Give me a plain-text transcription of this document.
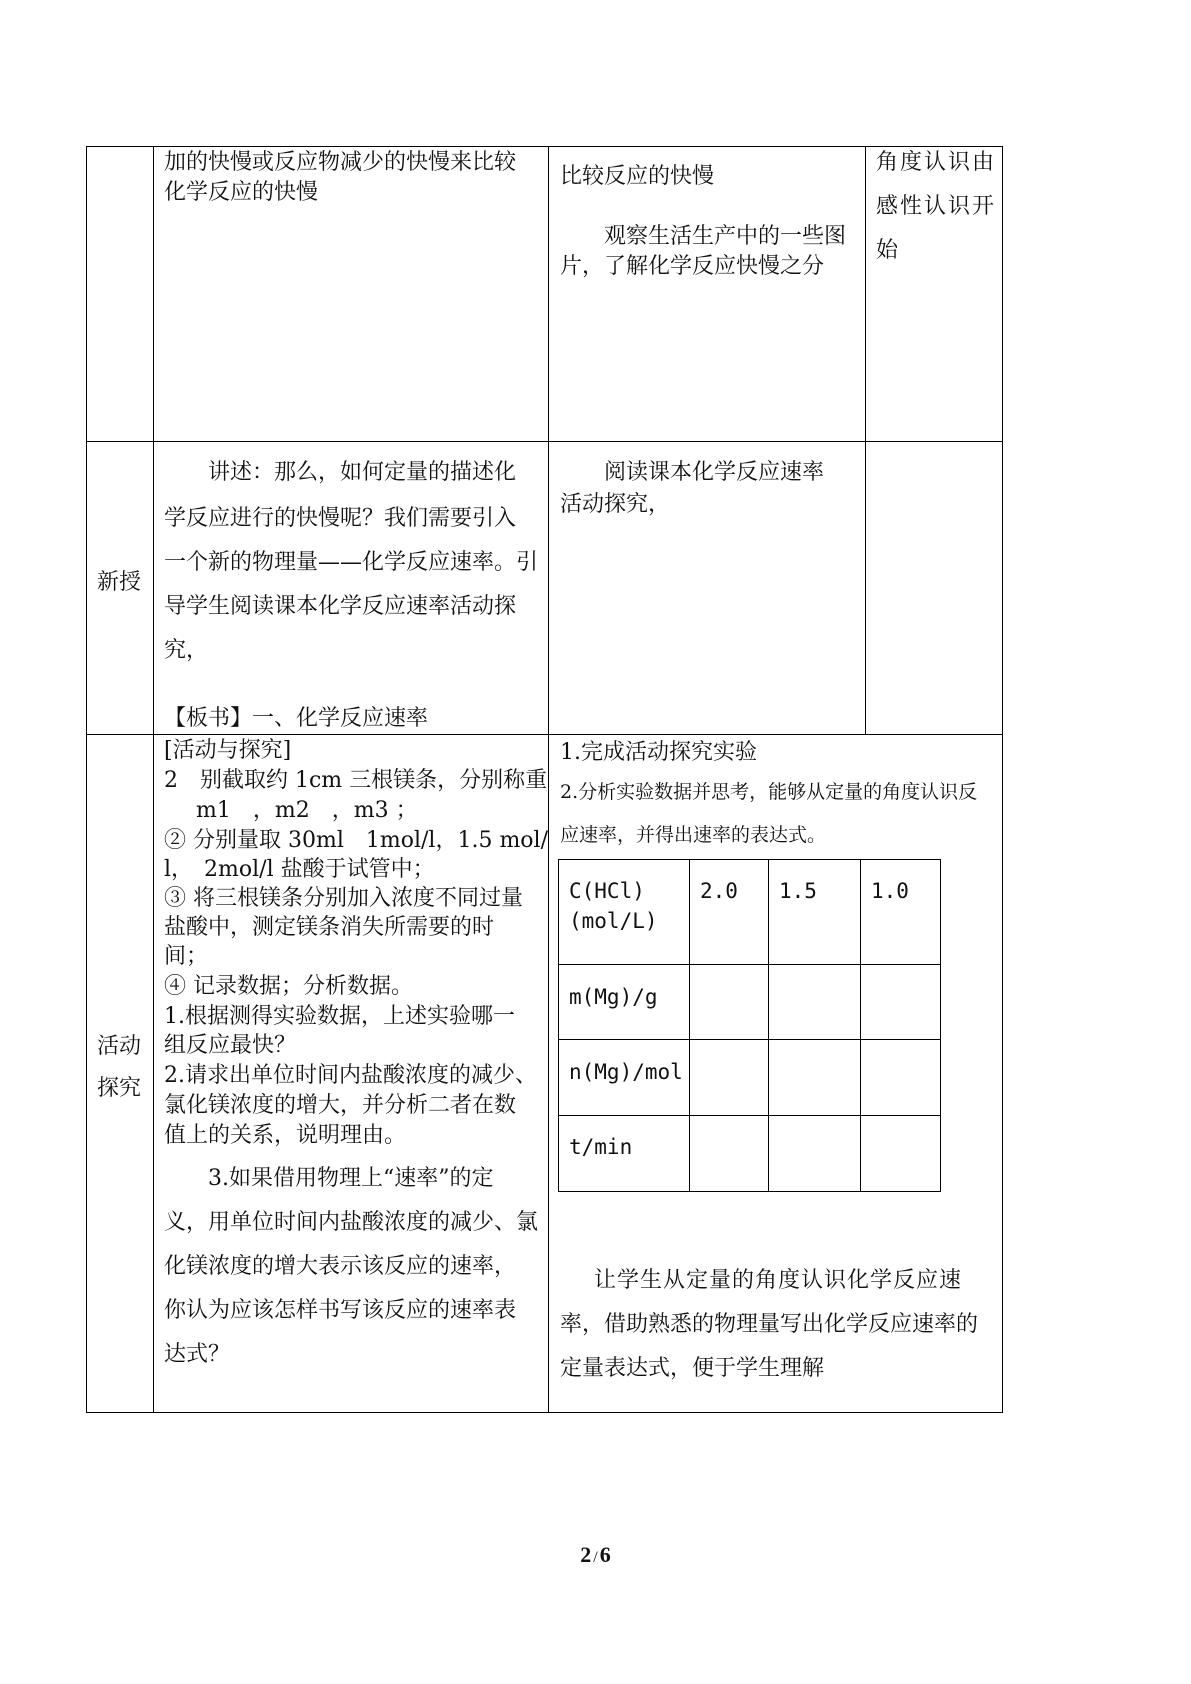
加的快慢或反应物减少的快慢来比较
化学反应的快慢
比较反应的快慢
观察生活生产中的一些图
片，了解化学反应快慢之分
角度认识由
感性认识开
始
新授
讲述：那么，如何定量的描述化
学反应进行的快慢呢？我们需要引入
一个新的物理量——化学反应速率。引
导学生阅读课本化学反应速率活动探
究，
【板书】一、化学反应速率
阅读课本化学反应速率
活动探究，
活动
探究
[活动与探究]
2　别截取约 1cm 三根镁条，分别称重
m1　，m2　，m3 ；
② 分别量取 30ml　1mol/l，1.5 mol/
l，　2mol/l 盐酸于试管中；
③ 将三根镁条分别加入浓度不同过量
盐酸中，测定镁条消失所需要的时
间；
④ 记录数据；分析数据。
1.根据测得实验数据，上述实验哪一
组反应最快？
2.请求出单位时间内盐酸浓度的减少、
氯化镁浓度的增大，并分析二者在数
值上的关系，说明理由。
3.如果借用物理上“速率”的定
义，用单位时间内盐酸浓度的减少、氯
化镁浓度的增大表示该反应的速率，
你认为应该怎样书写该反应的速率表
达式？
1.完成活动探究实验
2.分析实验数据并思考，能够从定量的角度认识反
应速率，并得出速率的表达式。
C(HCl)
(mol/L)
2.0 1.5	1.0
m(Mg)/g
n(Mg)/mol
t/min
让学生从定量的角度认识化学反应速
率，借助熟悉的物理量写出化学反应速率的
定量表达式，便于学生理解
2 /6
